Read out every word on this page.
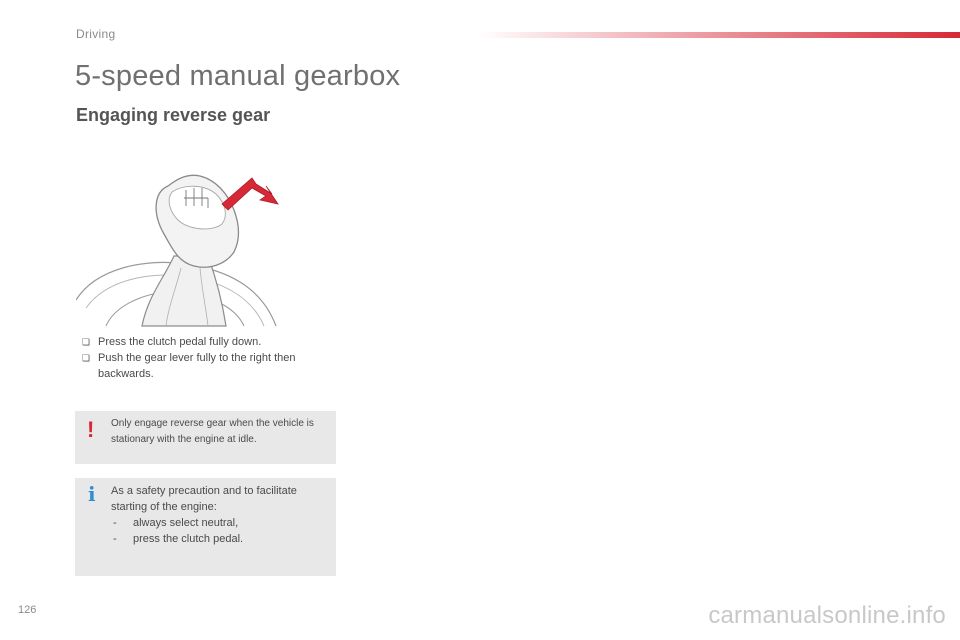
Driving
5-speed manual gearbox
Engaging reverse gear
❏ Press the clutch pedal fully down.
❏ Push the gear lever fully to the right then backwards.
! Only engage reverse gear when the vehicle is stationary with the engine at idle.
i As a safety precaution and to facilitate starting of the engine:
- always select neutral,
- press the clutch pedal.
126	carmanualsonline.info
